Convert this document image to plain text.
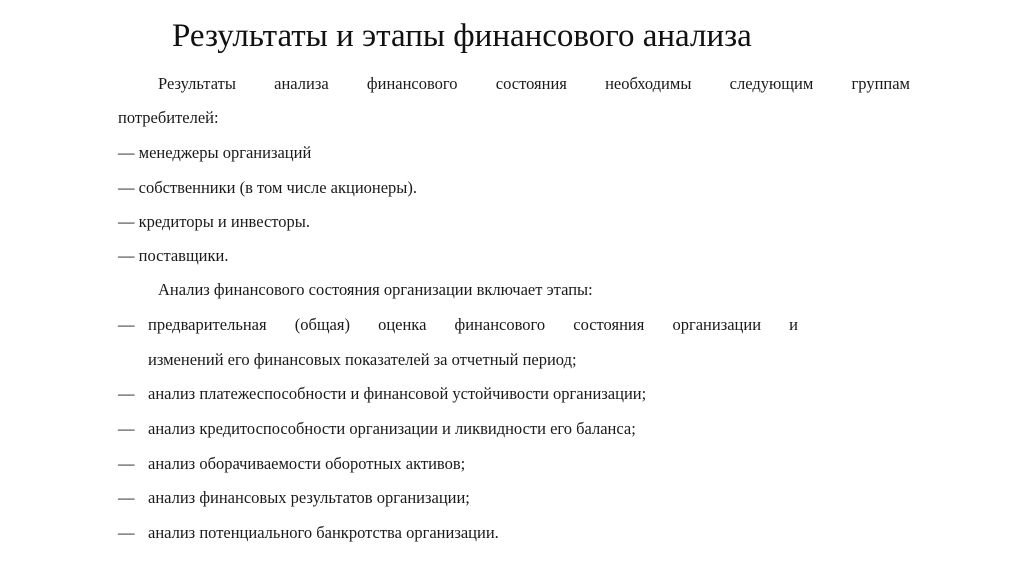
Результаты и этапы финансового анализа
Результаты анализа финансового состояния необходимы следующим группам
потребителей:
— менеджеры организаций
— собственники (в том числе акционеры).
— кредиторы и инвесторы.
— поставщики.
Анализ финансового состояния организации включает этапы:
— предварительная (общая) оценка финансового состояния организации и
изменений его финансовых показателей за отчетный период;
— анализ платежеспособности и финансовой устойчивости организации;
— анализ кредитоспособности организации и ликвидности его баланса;
— анализ оборачиваемости оборотных активов;
— анализ финансовых результатов организации;
— анализ потенциального банкротства организации.
